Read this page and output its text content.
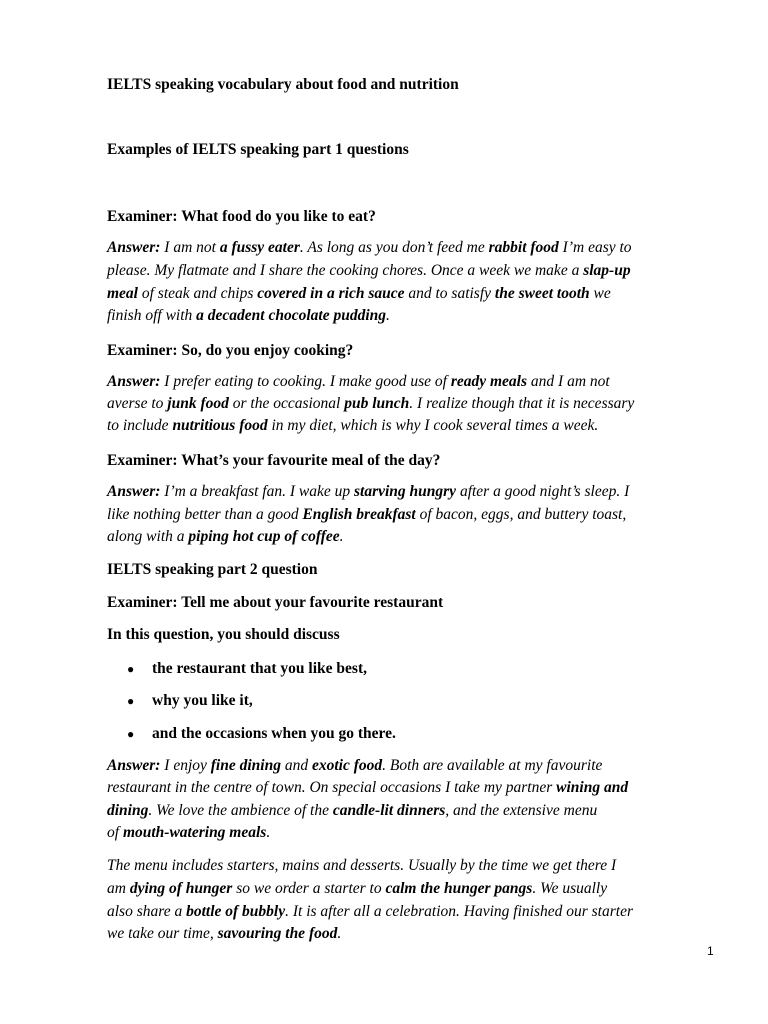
IELTS speaking vocabulary about food and nutrition
Examples of IELTS speaking part 1 questions
Examiner: What food do you like to eat?
Answer: I am not a fussy eater. As long as you don’t feed me rabbit food I’m easy to
please. My flatmate and I share the cooking chores. Once a week we make a slap-up
meal of steak and chips covered in a rich sauce and to satisfy the sweet tooth we
finish off with a decadent chocolate pudding.
Examiner: So, do you enjoy cooking?
Answer: I prefer eating to cooking. I make good use of ready meals and I am not
averse to junk food or the occasional pub lunch. I realize though that it is necessary
to include nutritious food in my diet, which is why I cook several times a week.
Examiner: What’s your favourite meal of the day?
Answer: I’m a breakfast fan. I wake up starving hungry after a good night’s sleep. I
like nothing better than a good English breakfast of bacon, eggs, and buttery toast,
along with a piping hot cup of coffee.
IELTS speaking part 2 question
Examiner: Tell me about your favourite restaurant
In this question, you should discuss
● the restaurant that you like best,
● why you like it,
● and the occasions when you go there.
Answer: I enjoy fine dining and exotic food. Both are available at my favourite
restaurant in the centre of town. On special occasions I take my partner wining and
dining. We love the ambience of the candle-lit dinners, and the extensive menu
of mouth-watering meals.
The menu includes starters, mains and desserts. Usually by the time we get there I
am dying of hunger so we order a starter to calm the hunger pangs. We usually
also share a bottle of bubbly. It is after all a celebration. Having finished our starter
we take our time, savouring the food.
1
